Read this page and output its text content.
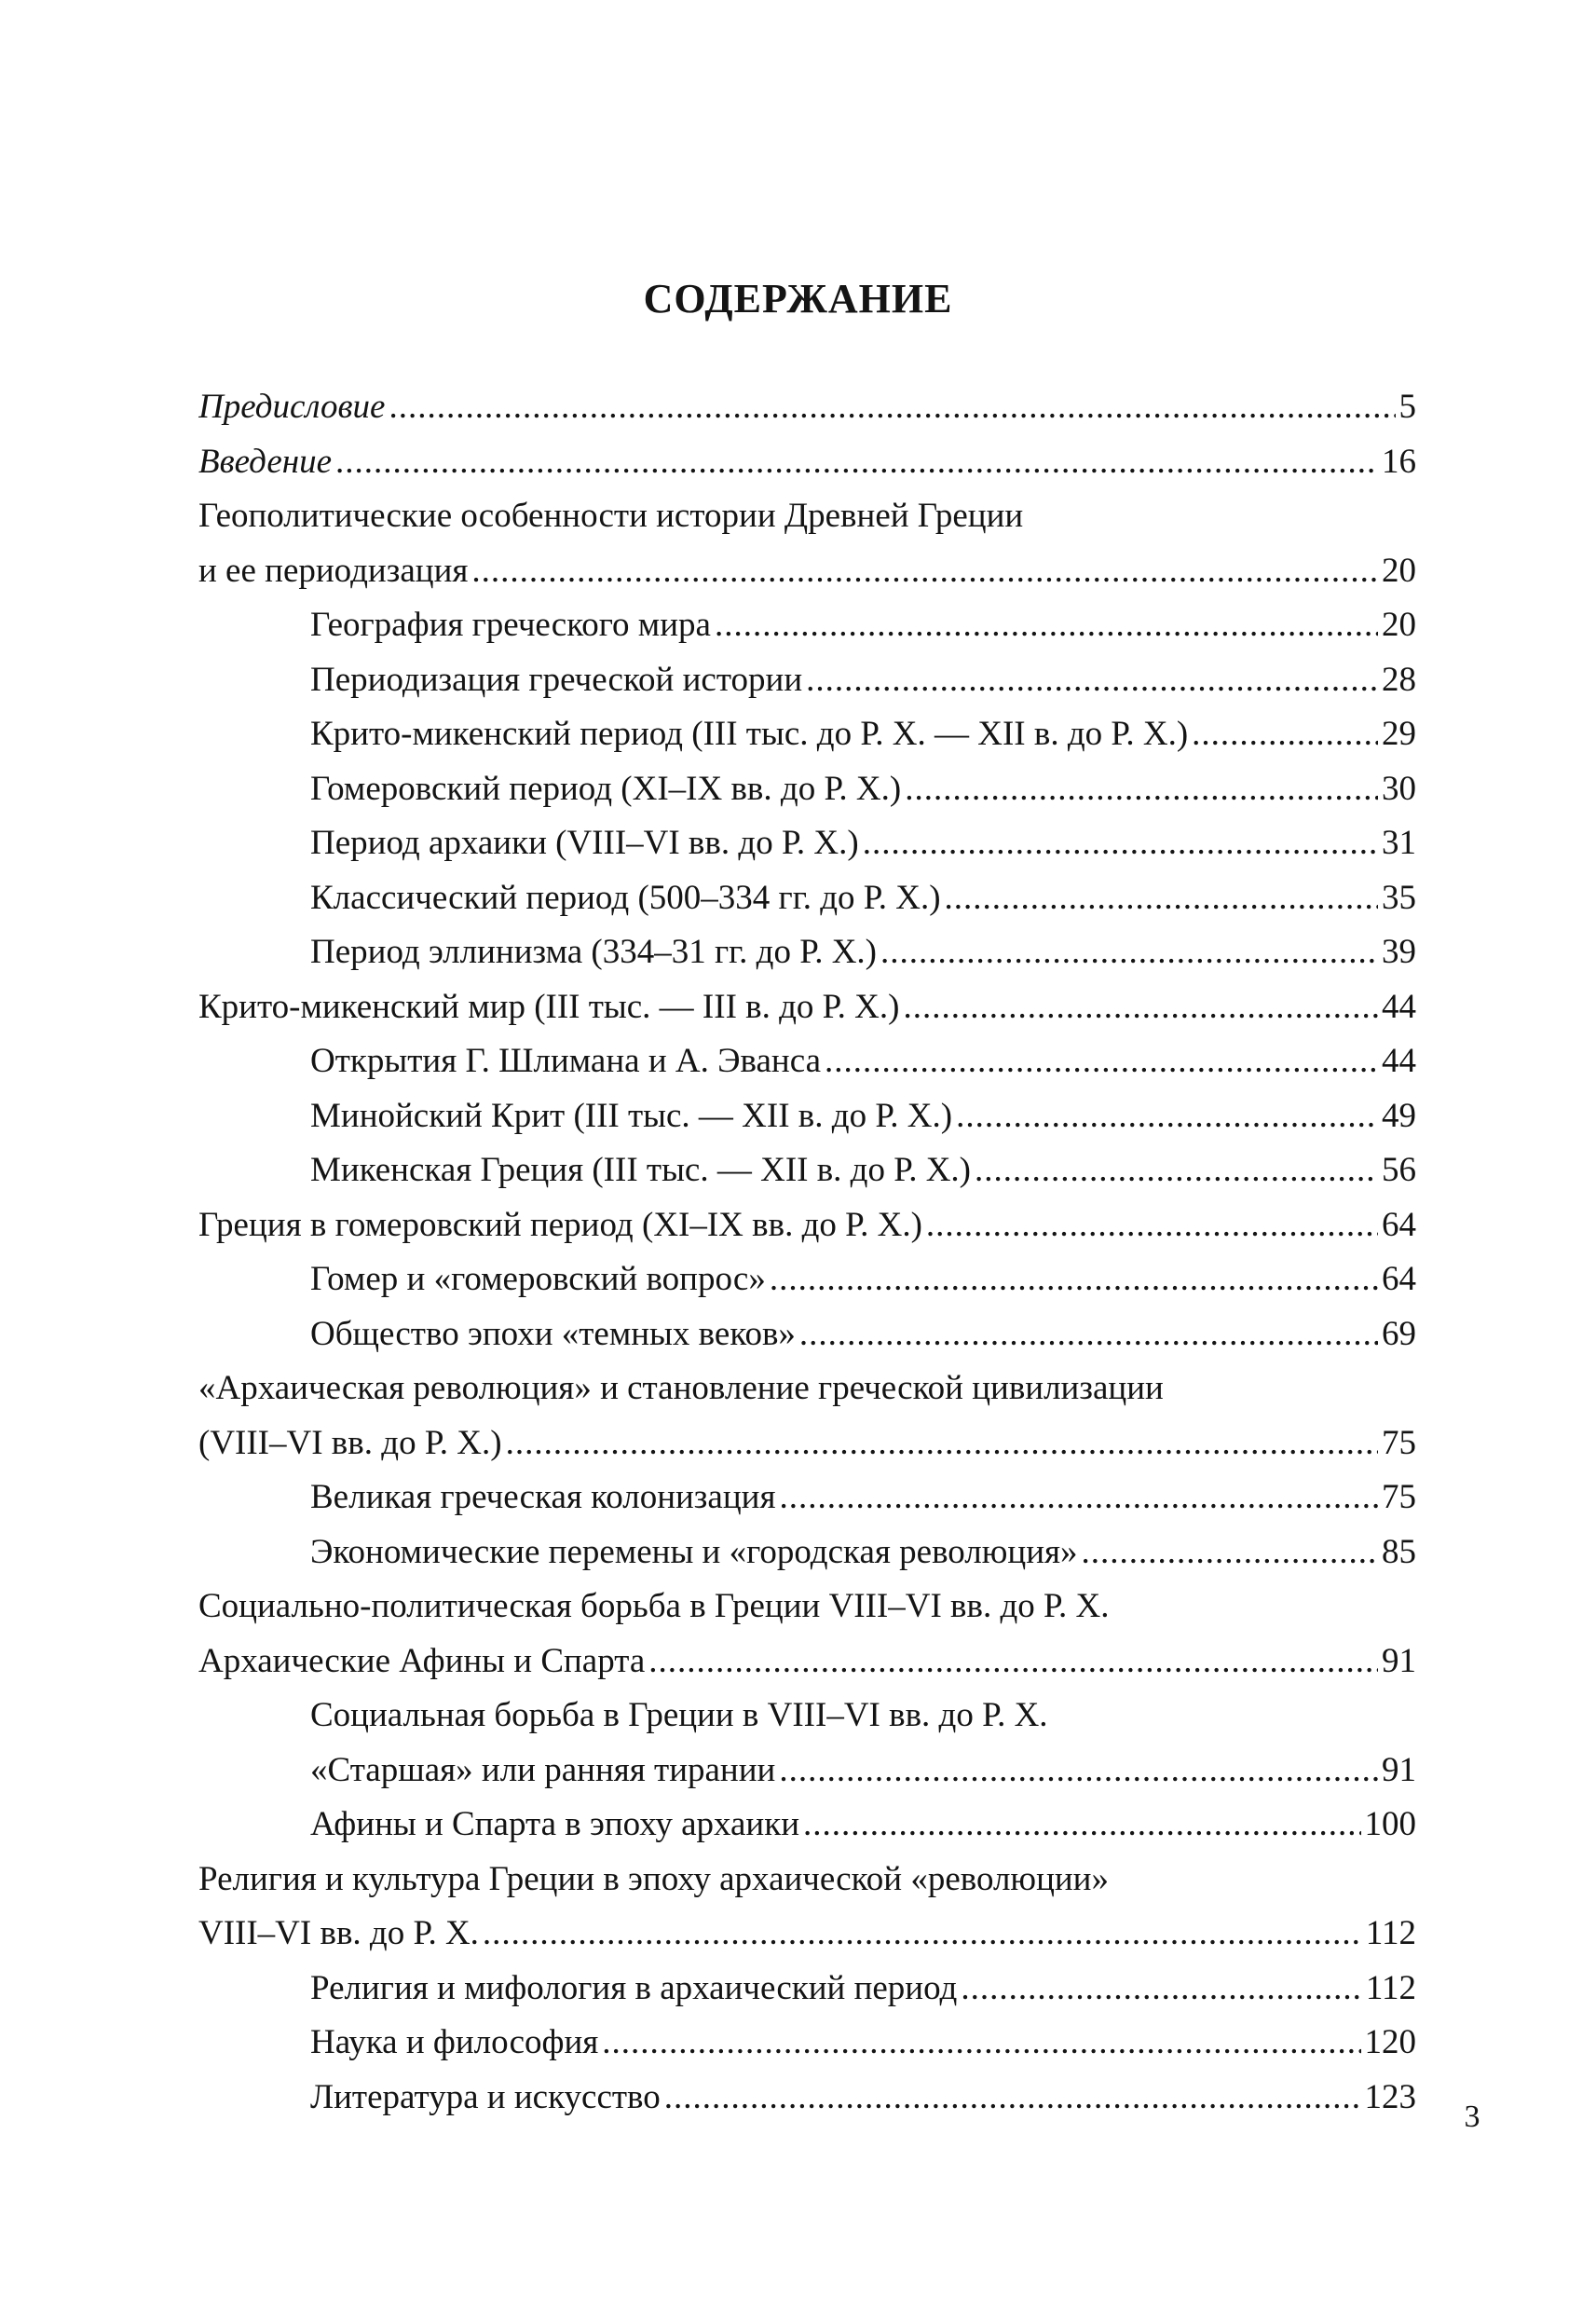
СОДЕРЖАНИЕ
Предисловие .....	5
Введение .....	16
Геополитические особенности истории Древней Греции
и ее периодизация .....	20
География греческого мира .....	20
Периодизация греческой истории .....	28
Крито-микенский период (III тыс. до Р. Х. — XII в. до Р. Х.) .....	29
Гомеровский период (XI–IX вв. до Р. Х.) .....	30
Период архаики (VIII–VI вв. до Р. Х.) .....	31
Классический период (500–334 гг. до Р. Х.) .....	35
Период эллинизма (334–31 гг. до Р. Х.) .....	39
Крито-микенский мир (III тыс. — III в. до Р. Х.) .....	44
Открытия Г. Шлимана и А. Эванса .....	44
Минойский Крит (III тыс. — XII в. до Р. Х.) .....	49
Микенская Греция (III тыс. — XII в. до Р. Х.) .....	56
Греция в гомеровский период (XI–IX вв. до Р. Х.) .....	64
Гомер и «гомеровский вопрос» .....	64
Общество эпохи «темных веков» .....	69
«Архаическая революция» и становление греческой цивилизации
(VIII–VI вв. до Р. Х.) .....	75
Великая греческая колонизация .....	75
Экономические перемены и «городская революция» .....	85
Социально-политическая борьба в Греции VIII–VI вв. до Р. Х.
Архаические Афины и Спарта .....	91
Социальная борьба в Греции в VIII–VI вв. до Р. Х.
«Старшая» или ранняя тирании .....	91
Афины и Спарта в эпоху архаики .....	100
Религия и культура Греции в эпоху архаической «революции»
VIII–VI вв. до Р. Х. .....	112
Религия и мифология в архаический период .....	112
Наука и философия .....	120
Литература и искусство .....	123
3
